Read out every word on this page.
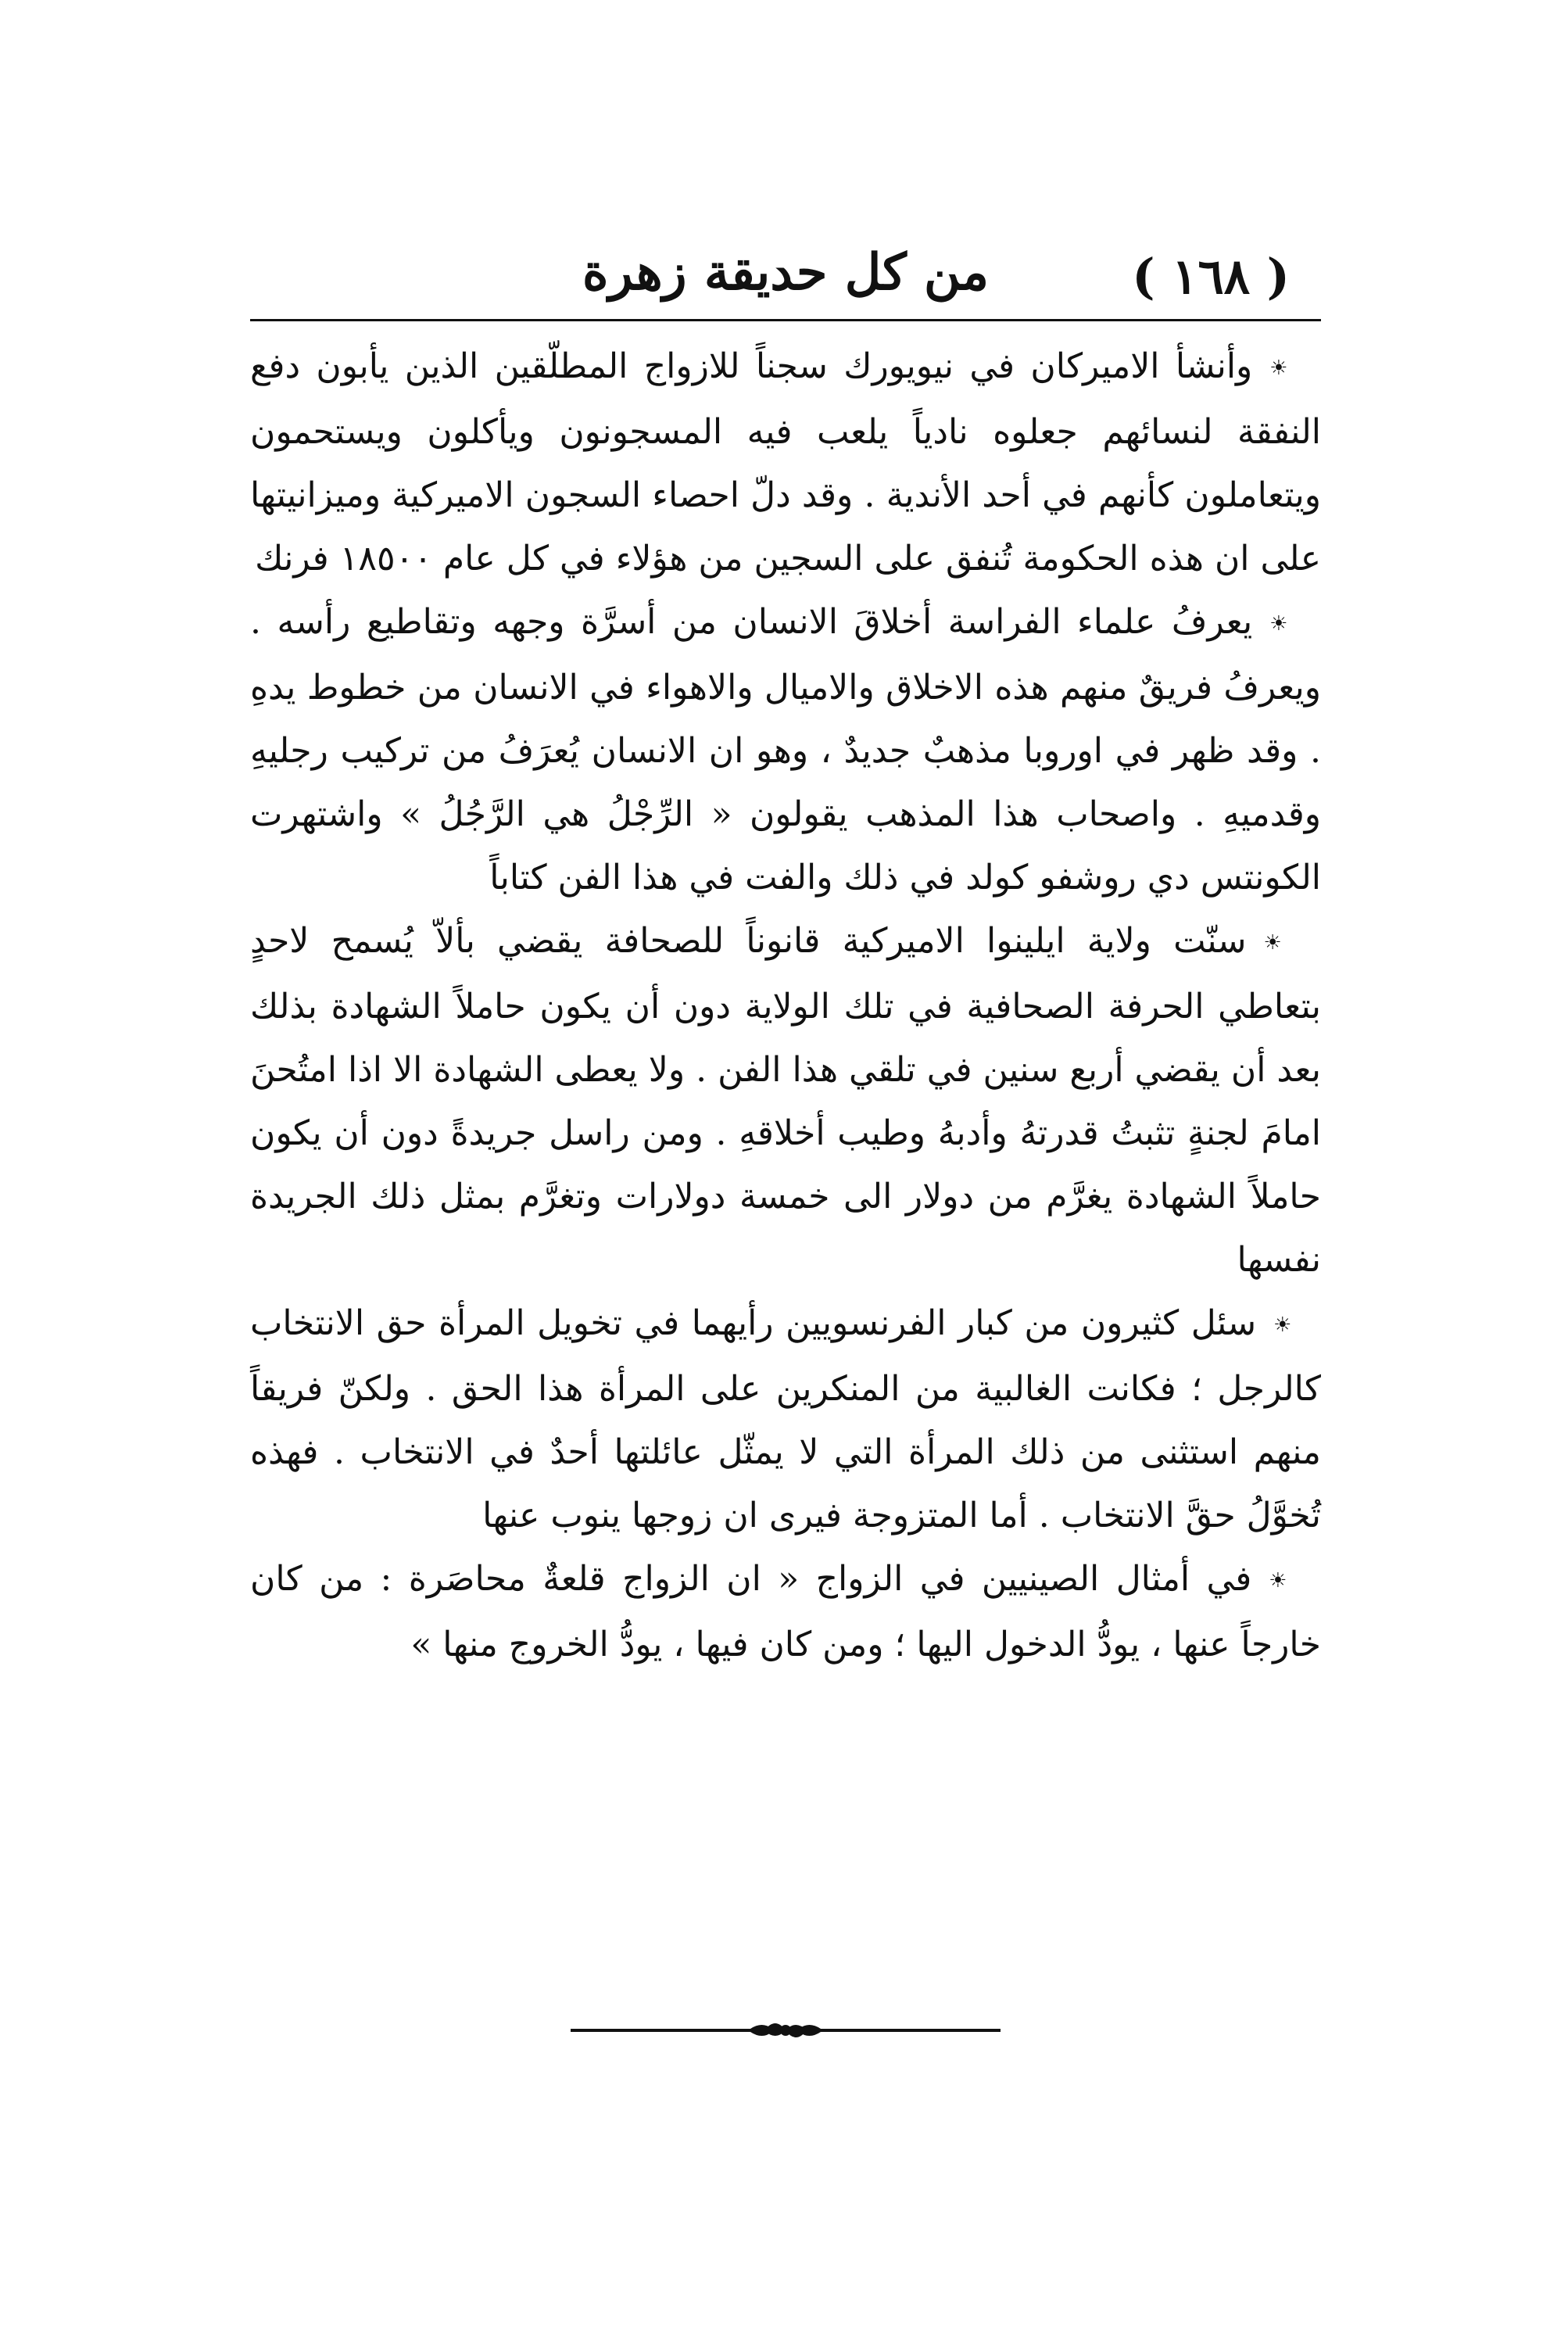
( ١٦٨ )
من كل حديقة زهرة

☀وأنشأ الاميركان في نيويورك سجناً للازواج المطلّقين الذين يأبون دفع النفقة لنسائهم جعلوه نادياً يلعب فيه المسجونون ويأكلون ويستحمون ويتعاملون كأنهم في أحد الأندية . وقد دلّ احصاء السجون الاميركية وميزانيتها على ان هذه الحكومة تُنفق على السجين من هؤلاء في كل عام ١٨٥٠٠ فرنك

☀يعرفُ علماء الفراسة أخلاقَ الانسان من أسرَّة وجهه وتقاطيع رأسه . ويعرفُ فريقٌ منهم هذه الاخلاق والاميال والاهواء في الانسان من خطوط يدهِ . وقد ظهر في اوروبا مذهبٌ جديدٌ ، وهو ان الانسان يُعرَفُ من تركيب رجليهِ وقدميهِ . واصحاب هذا المذهب يقولون « الرِّجْلُ هي الرَّجُلُ » واشتهرت الكونتس دي روشفو كولد في ذلك والفت في هذا الفن كتاباً

☀سنّت ولاية ايلينوا الاميركية قانوناً للصحافة يقضي بألاّ يُسمح لاحدٍ بتعاطي الحرفة الصحافية في تلك الولاية دون أن يكون حاملاً الشهادة بذلك بعد أن يقضي أربع سنين في تلقي هذا الفن . ولا يعطى الشهادة الا اذا امتُحنَ امامَ لجنةٍ تثبتُ قدرتهُ وأدبهُ وطيب أخلاقهِ . ومن راسل جريدةً دون أن يكون حاملاً الشهادة يغرَّم من دولار الى خمسة دولارات وتغرَّم بمثل ذلك الجريدة نفسها

☀سئل كثيرون من كبار الفرنسويين رأيهما في تخويل المرأة حق الانتخاب كالرجل ؛ فكانت الغالبية من المنكرين على المرأة هذا الحق . ولكنّ فريقاً منهم استثنى من ذلك المرأة التي لا يمثّل عائلتها أحدٌ في الانتخاب . فهذه تُخوَّلُ حقَّ الانتخاب . أما المتزوجة فيرى ان زوجها ينوب عنها

☀في أمثال الصينيين في الزواج « ان الزواج قلعةٌ محاصَرة : من كان خارجاً عنها ، يودُّ الدخول اليها ؛ ومن كان فيها ، يودُّ الخروج منها »
